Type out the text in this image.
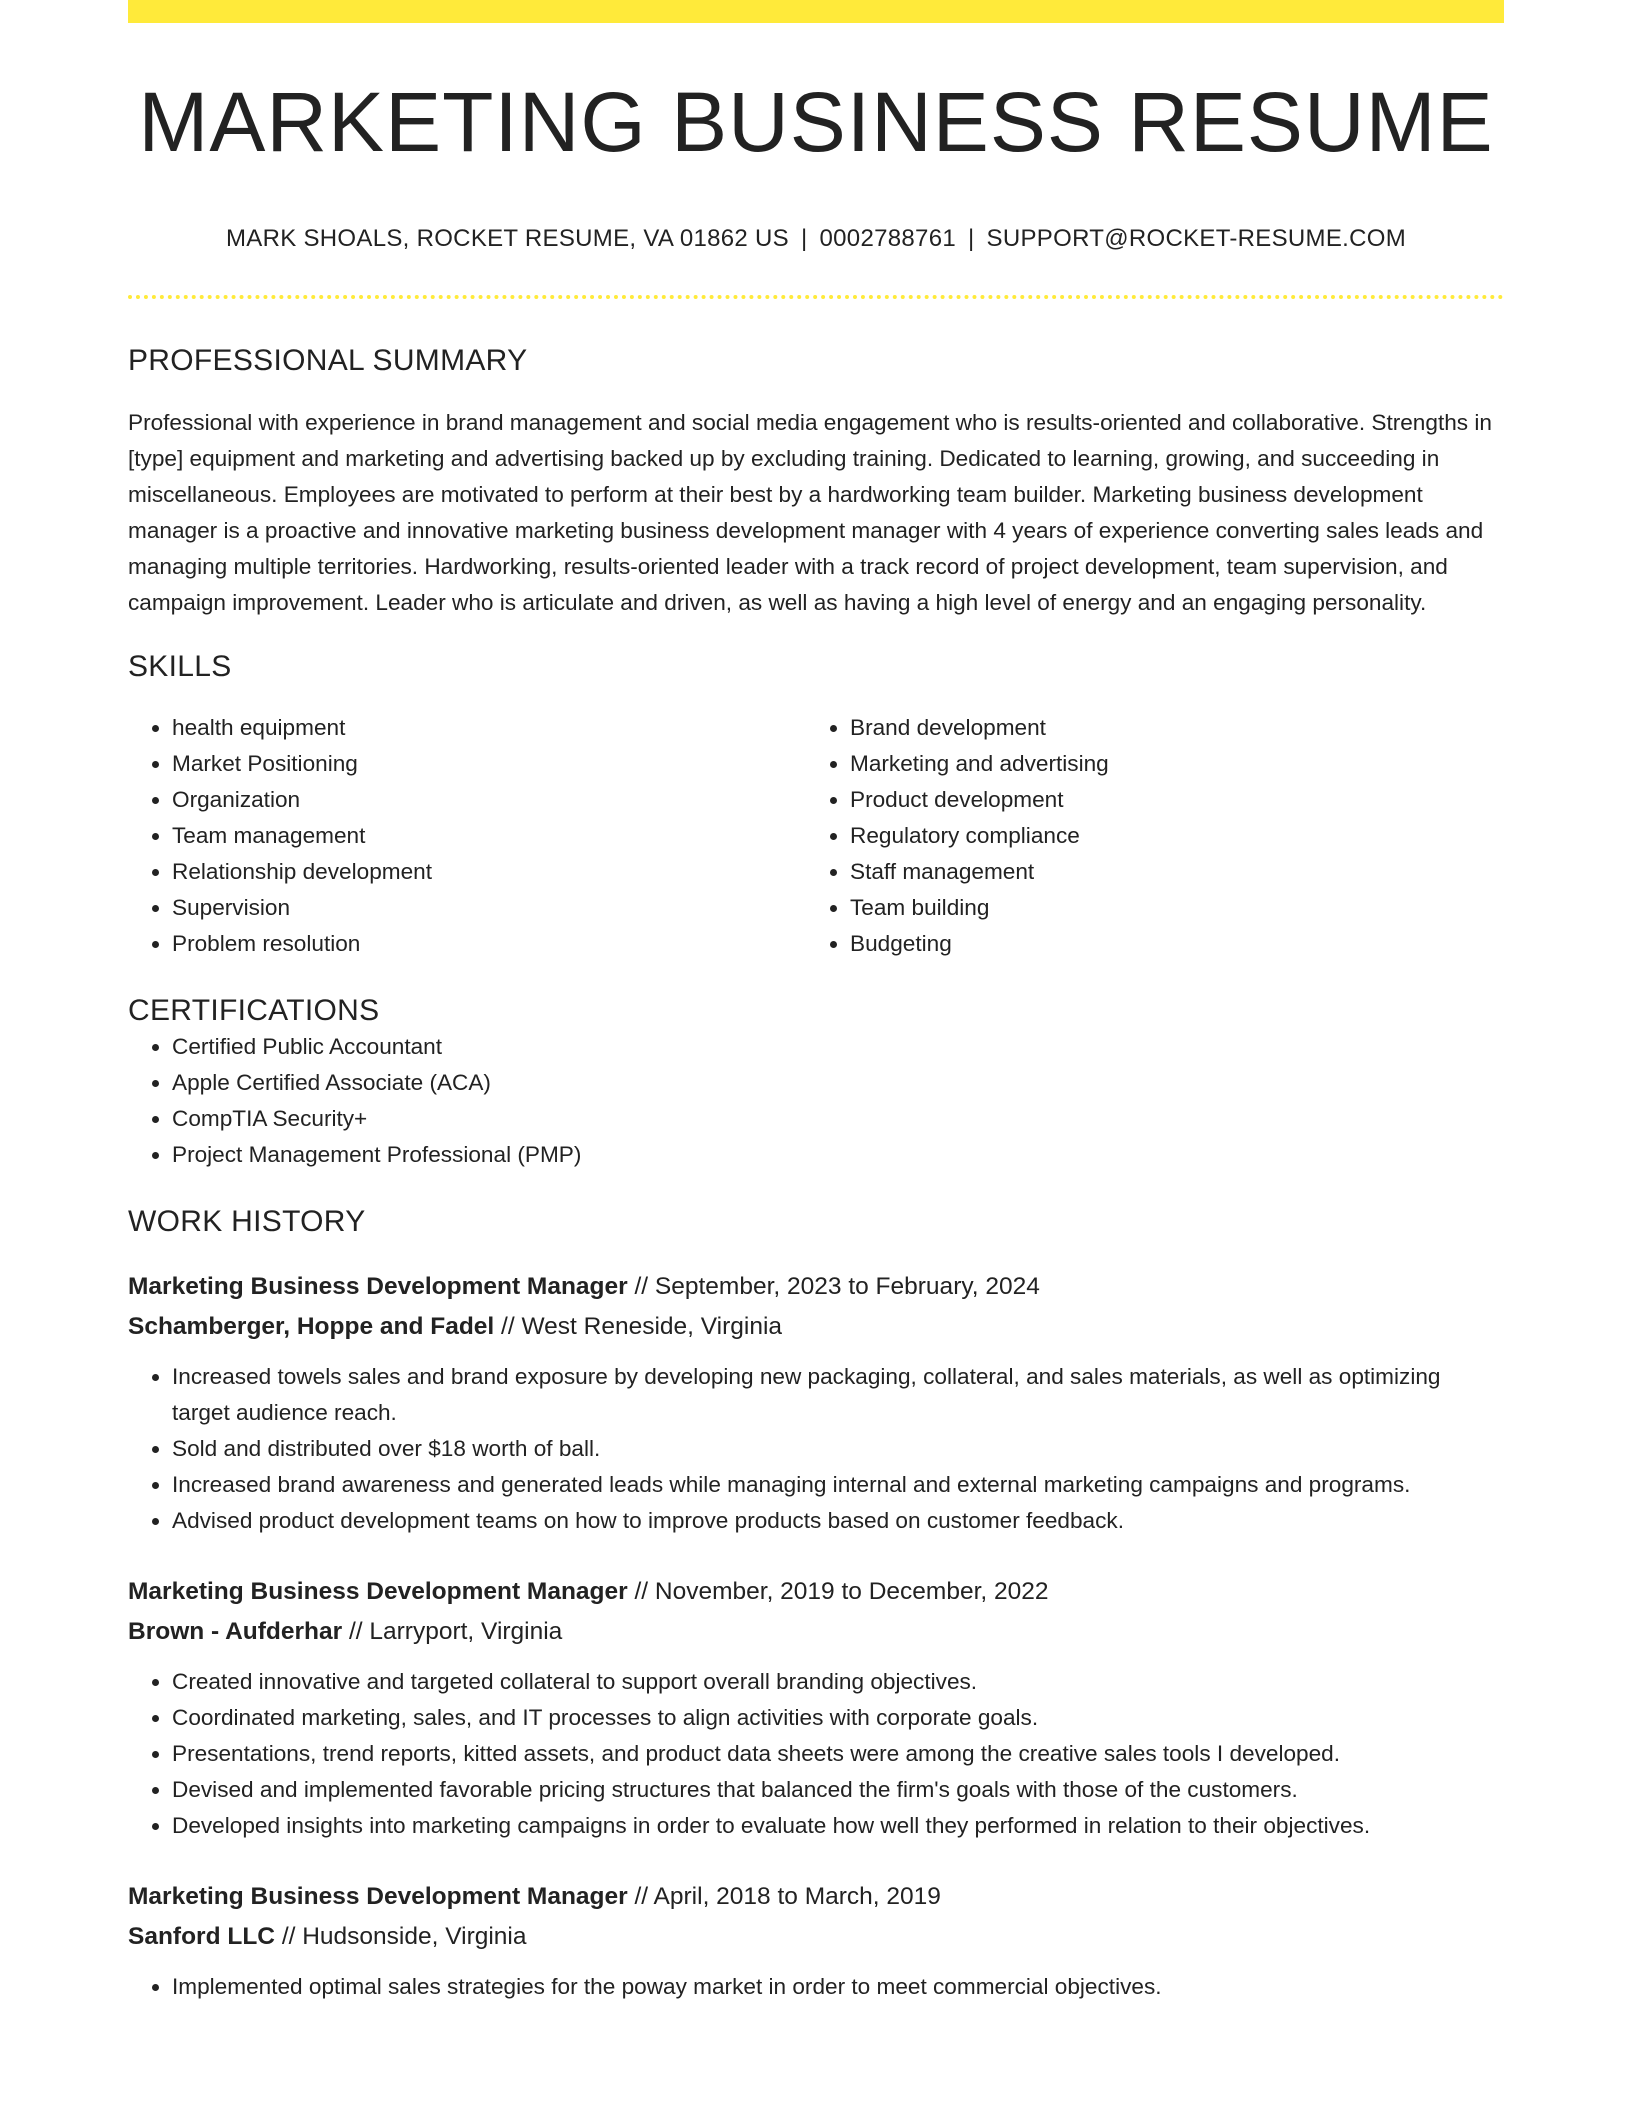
MARKETING BUSINESS RESUME
MARK SHOALS, ROCKET RESUME, VA 01862 US | 0002788761 | SUPPORT@ROCKET-RESUME.COM
PROFESSIONAL SUMMARY

Professional with experience in brand management and social media engagement who is results-oriented and collaborative. Strengths in [type] equipment and marketing and advertising backed up by excluding training. Dedicated to learning, growing, and succeeding in miscellaneous. Employees are motivated to perform at their best by a hardworking team builder. Marketing business development manager is a proactive and innovative marketing business development manager with 4 years of experience converting sales leads and managing multiple territories. Hardworking, results-oriented leader with a track record of project development, team supervision, and campaign improvement. Leader who is articulate and driven, as well as having a high level of energy and an engaging personality.

SKILLS
• health equipment
• Market Positioning
• Organization
• Team management
• Relationship development
• Supervision
• Problem resolution
• Brand development
• Marketing and advertising
• Product development
• Regulatory compliance
• Staff management
• Team building
• Budgeting
CERTIFICATIONS
• Certified Public Accountant
• Apple Certified Associate (ACA)
• CompTIA Security+
• Project Management Professional (PMP)
WORK HISTORY
Marketing Business Development Manager // September, 2023 to February, 2024
Schamberger, Hoppe and Fadel // West Reneside, Virginia
• Increased towels sales and brand exposure by developing new packaging, collateral, and sales materials, as well as optimizing target audience reach.
• Sold and distributed over $18 worth of ball.
• Increased brand awareness and generated leads while managing internal and external marketing campaigns and programs.
• Advised product development teams on how to improve products based on customer feedback.
Marketing Business Development Manager // November, 2019 to December, 2022
Brown - Aufderhar // Larryport, Virginia
• Created innovative and targeted collateral to support overall branding objectives.
• Coordinated marketing, sales, and IT processes to align activities with corporate goals.
• Presentations, trend reports, kitted assets, and product data sheets were among the creative sales tools I developed.
• Devised and implemented favorable pricing structures that balanced the firm's goals with those of the customers.
• Developed insights into marketing campaigns in order to evaluate how well they performed in relation to their objectives.
Marketing Business Development Manager // April, 2018 to March, 2019
Sanford LLC // Hudsonside, Virginia
• Implemented optimal sales strategies for the poway market in order to meet commercial objectives.
